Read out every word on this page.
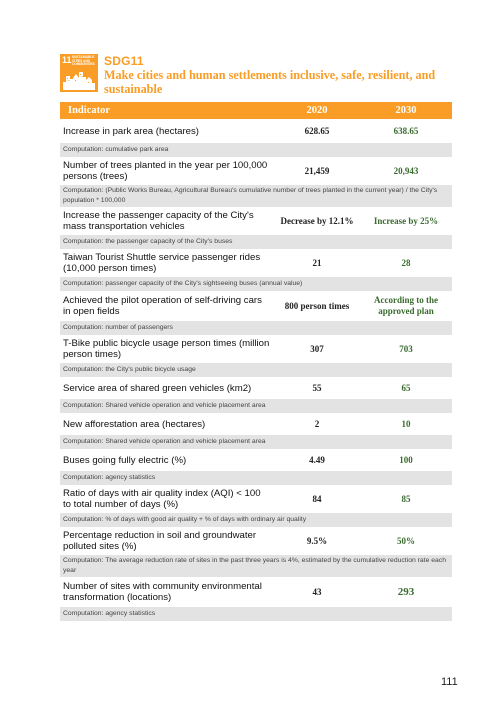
11 SUSTAINABLE CITIES AND COMMUNITIES SDG11
Make cities and human settlements inclusive, safe, resilient, and sustainable
Indicator	2020	2030
Increase in park area (hectares)	628.65	638.65
Computation: cumulative park area		
Number of trees planted in the year per 100,000 persons (trees)	21,459	20,943
Computation: (Public Works Bureau, Agricultural Bureau's cumulative number of trees planted in the current year) / the City's population * 100,000		
Increase the passenger capacity of the City's mass transportation vehicles	Decrease by 12.1%	Increase by 25%
Computation: the passenger capacity of the City's buses		
Taiwan Tourist Shuttle service passenger rides (10,000 person times)	21	28
Computation: passenger capacity of the City's sightseeing buses (annual value)		
Achieved the pilot operation of self-driving cars in open fields	800 person times	According to the approved plan
Computation: number of passengers		
T-Bike public bicycle usage person times (million person times)	307	703
Computation: the City's public bicycle usage		
Service area of shared green vehicles (km2)	55	65
Computation: Shared vehicle operation and vehicle placement area		
New afforestation area (hectares)	2	10
Computation: Shared vehicle operation and vehicle placement area		
Buses going fully electric (%)	4.49	100
Computation: agency statistics		
Ratio of days with air quality index (AQI) < 100 to total number of days (%)	84	85
Computation: % of days with good air quality + % of days with ordinary air quality		
Percentage reduction in soil and groundwater polluted sites (%)	9.5%	50%
Computation: The average reduction rate of sites in the past three years is 4%, estimated by the cumulative reduction rate each year		
Number of sites with community environmental transformation (locations)	43	293
Computation: agency statistics		
111
